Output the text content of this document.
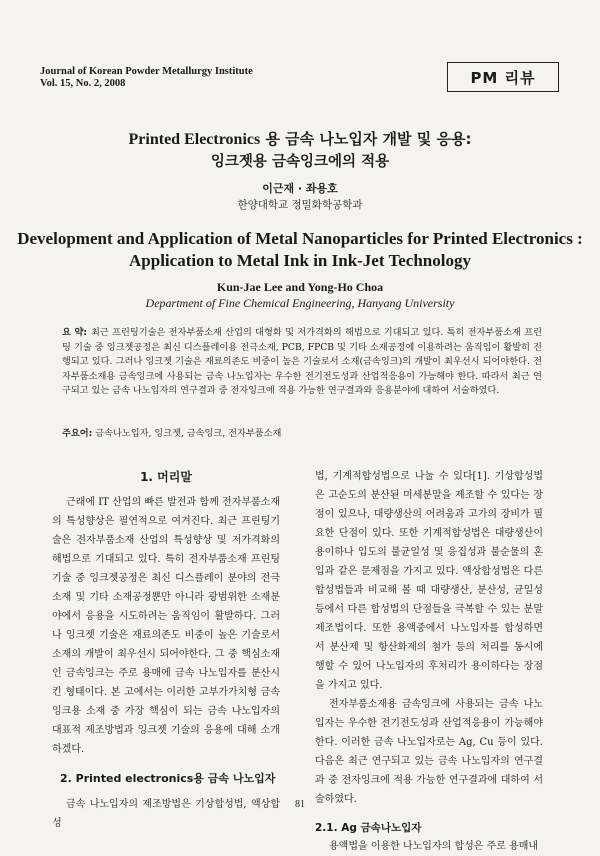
Journal of Korean Powder Metallurgy Institute
Vol. 15, No. 2, 2008	PM 리뷰
Printed Electronics 용 금속 나노입자 개발 및 응용:
잉크젯용 금속잉크에의 적용
이근재 · 좌용호
한양대학교 정밀화학공학과
Development and Application of Metal Nanoparticles for Printed Electronics :
Application to Metal Ink in Ink-Jet Technology
Kun-Jae Lee and Yong-Ho Choa
Department of Fine Chemical Engineering, Hanyang University
요 약: 최근 프린팅기술은 전자부품소재 산업의 대형화 및 저가격화의 해법으로 기대되고 있다. 특히 전자부품소재 프린팅 기술 중 잉크젯공정은 최신 디스플레이용 전극소재, PCB, FPCB 및 기타 소재공정에 이용하려는 움직임이 활발히 진행되고 있다. 그러나 잉크젯 기술은 재료의존도 비중이 높은 기술로서 소재(금속잉크)의 개발이 최우선시 되어야한다. 전자부품소재용 금속잉크에 사용되는 금속 나노입자는 우수한 전기전도성과 산업적응용이 가능해야 한다. 따라서 최근 연구되고 있는 금속 나노입자의 연구결과 중 전자잉크에 적용 가능한 연구결과와 응용분야에 대하여 서술하였다.
주요어: 금속나노입자, 잉크젯, 금속잉크, 전자부품소재
1. 머리말

근래에 IT 산업의 빠른 발전과 함께 전자부품소재의 특성향상은 필연적으로 여겨진다. 최근 프린팅기술은 전자부품소재 산업의 특성향상 및 저가격화의 해법으로 기대되고 있다. 특히 전자부품소재 프린팅기술 중 잉크젯공정은 최신 디스플레이 분야의 전극소재 및 기타 소재공정뿐만 아니라 광범위한 소재분야에서 응용을 시도하려는 움직임이 활발하다. 그러나 잉크젯 기술은 재료의존도 비중이 높은 기술로서 소재의 개발이 최우선시 되어야한다. 그 중 핵심소재인 금속잉크는 주로 용매에 금속 나노입자를 분산시킨 형태이다. 본 고에서는 이러한 고부가가치형 금속잉크용 소재 중 가장 핵심이 되는 금속 나노입자의 대표적 제조방법과 잉크젯 기술의 응용에 대해 소개하겠다.

2. Printed electronics용 금속 나노입자

금속 나노입자의 제조방법은 기상합성법, 액상합성

법, 기계적합성법으로 나눌 수 있다[1]. 기상합성법은 고순도의 분산된 미세분말을 제조할 수 있다는 장점이 있으나, 대량생산의 어려움과 고가의 장비가 필요한 단점이 있다. 또한 기계적합성법은 대량생산이 용이하나 입도의 불균일성 및 응집성과 불순물의 혼입과 같은 문제점을 가지고 있다. 액상합성법은 다른 합성법들과 비교해 볼 때 대량생산, 분산성, 균일성 등에서 다른 합성법의 단점들을 극복할 수 있는 분말 제조법이다. 또한 용액중에서 나노입자를 합성하면서 분산제 및 항산화제의 첨가 등의 처리를 동시에 행할 수 있어 나노입자의 후처리가 용이하다는 장점을 가지고 있다.

전자부품소재용 금속잉크에 사용되는 금속 나노입자는 우수한 전기전도성과 산업적응용이 가능해야 한다. 이러한 금속 나노입자로는 Ag, Cu 등이 있다. 다음은 최근 연구되고 있는 금속 나노입자의 연구결과 중 전자잉크에 적용 가능한 연구결과에 대하여 서술하였다.

2.1. Ag 금속나노입자

용액법을 이용한 나노입자의 합성은 주로 용매내

81
